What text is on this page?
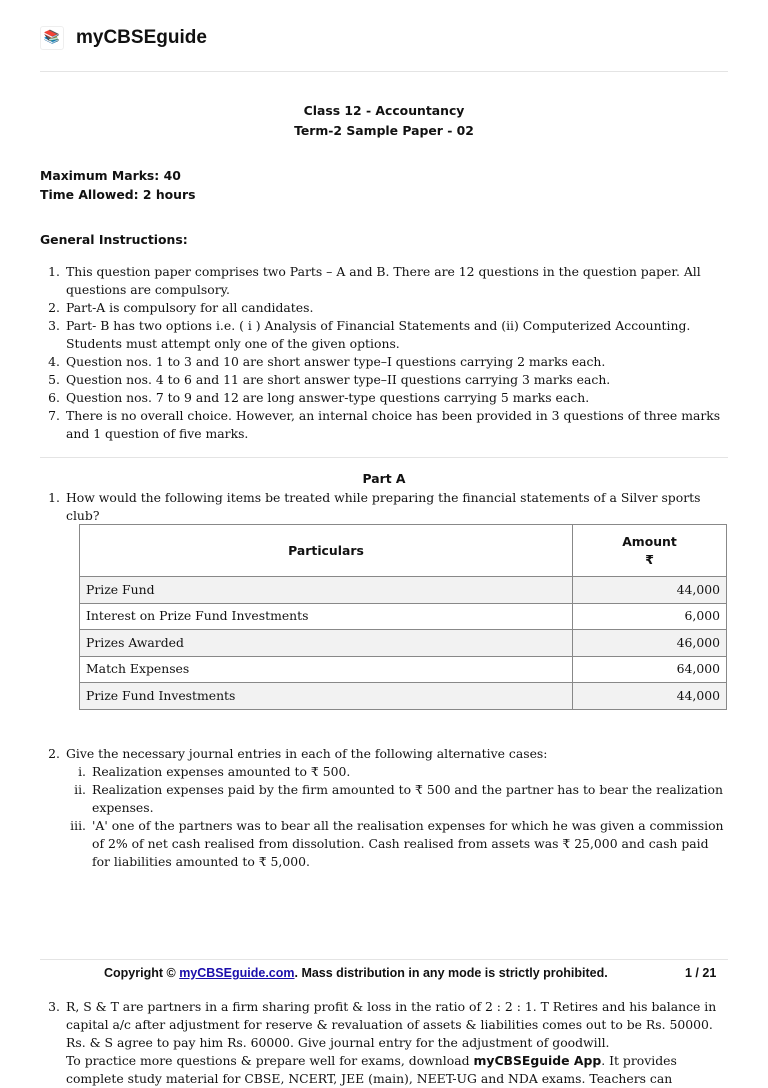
📚 myCBSEguide
Class 12 - Accountancy
Term-2 Sample Paper - 02
Maximum Marks: 40
Time Allowed: 2 hours
General Instructions:
1. This question paper comprises two Parts – A and B. There are 12 questions in the question paper. All questions are compulsory.
2. Part-A is compulsory for all candidates.
3. Part- B has two options i.e. ( i ) Analysis of Financial Statements and (ii) Computerized Accounting. Students must attempt only one of the given options.
4. Question nos. 1 to 3 and 10 are short answer type–I questions carrying 2 marks each.
5. Question nos. 4 to 6 and 11 are short answer type–II questions carrying 3 marks each.
6. Question nos. 7 to 9 and 12 are long answer-type questions carrying 5 marks each.
7. There is no overall choice. However, an internal choice has been provided in 3 questions of three marks and 1 question of five marks.
Part A
1. How would the following items be treated while preparing the financial statements of a Silver sports club?
Particulars	Amount
₹
Prize Fund	44,000
Interest on Prize Fund Investments	6,000
Prizes Awarded	46,000
Match Expenses	64,000
Prize Fund Investments	44,000
2. Give the necessary journal entries in each of the following alternative cases:
i. Realization expenses amounted to ₹ 500.
ii. Realization expenses paid by the firm amounted to ₹ 500 and the partner has to bear the realization expenses.
iii. 'A' one of the partners was to bear all the realisation expenses for which he was given a commission of 2% of net cash realised from dissolution. Cash realised from assets was ₹ 25,000 and cash paid for liabilities amounted to ₹ 5,000.
3. R, S & T are partners in a firm sharing profit & loss in the ratio of 2 : 2 : 1. T Retires and his balance in capital a/c after adjustment for reserve & revaluation of assets & liabilities comes out to be Rs. 50000. Rs. & S agree to pay him Rs. 60000. Give journal entry for the adjustment of goodwill.
To practice more questions & prepare well for exams, download myCBSEguide App. It provides complete study material for CBSE, NCERT, JEE (main), NEET-UG and NDA exams. Teachers can
Copyright © myCBSEguide.com. Mass distribution in any mode is strictly prohibited.	1 / 21
